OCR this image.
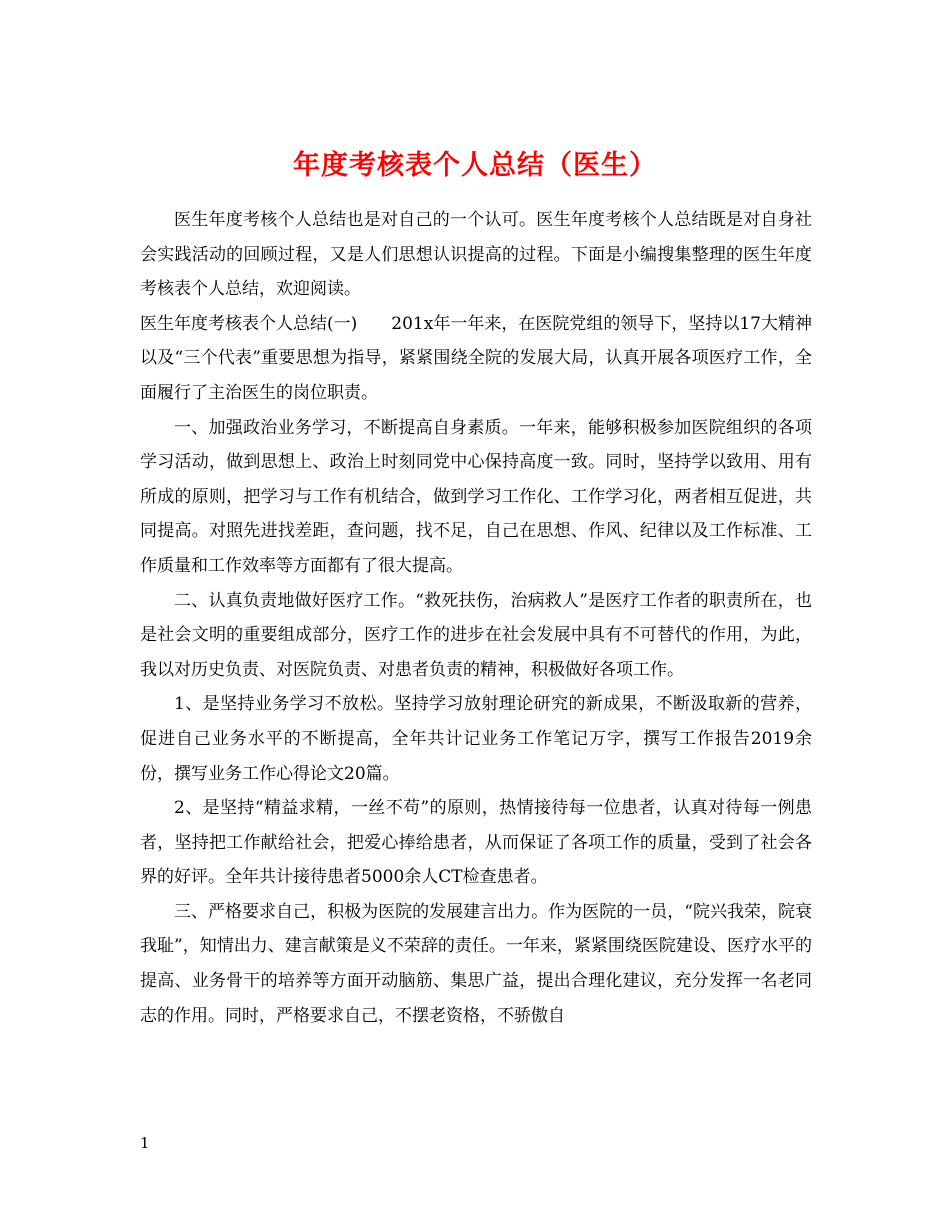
年度考核表个人总结（医生）

医生年度考核个人总结也是对自己的一个认可。医生年度考核个人总结既是对自身社会实践活动的回顾过程，又是人们思想认识提高的过程。下面是小编搜集整理的医生年度考核表个人总结，欢迎阅读。

医生年度考核表个人总结(一)　　201x年一年来，在医院党组的领导下，坚持以17大精神以及“三个代表”重要思想为指导，紧紧围绕全院的发展大局，认真开展各项医疗工作，全面履行了主治医生的岗位职责。

一、加强政治业务学习，不断提高自身素质。一年来，能够积极参加医院组织的各项学习活动，做到思想上、政治上时刻同党中心保持高度一致。同时，坚持学以致用、用有所成的原则，把学习与工作有机结合，做到学习工作化、工作学习化，两者相互促进，共同提高。对照先进找差距，查问题，找不足，自己在思想、作风、纪律以及工作标准、工作质量和工作效率等方面都有了很大提高。

二、认真负责地做好医疗工作。“救死扶伤，治病救人”是医疗工作者的职责所在，也是社会文明的重要组成部分，医疗工作的进步在社会发展中具有不可替代的作用，为此，我以对历史负责、对医院负责、对患者负责的精神，积极做好各项工作。

1、是坚持业务学习不放松。坚持学习放射理论研究的新成果，不断汲取新的营养，促进自己业务水平的不断提高，全年共计记业务工作笔记万字，撰写工作报告2019余份，撰写业务工作心得论文20篇。

2、是坚持“精益求精，一丝不苟”的原则，热情接待每一位患者，认真对待每一例患者，坚持把工作献给社会，把爱心捧给患者，从而保证了各项工作的质量，受到了社会各界的好评。全年共计接待患者5000余人CT检查患者。

三、严格要求自己，积极为医院的发展建言出力。作为医院的一员，“院兴我荣，院衰我耻”，知情出力、建言献策是义不荣辞的责任。一年来，紧紧围绕医院建设、医疗水平的提高、业务骨干的培养等方面开动脑筋、集思广益，提出合理化建议，充分发挥一名老同志的作用。同时，严格要求自己，不摆老资格，不骄傲自

1
